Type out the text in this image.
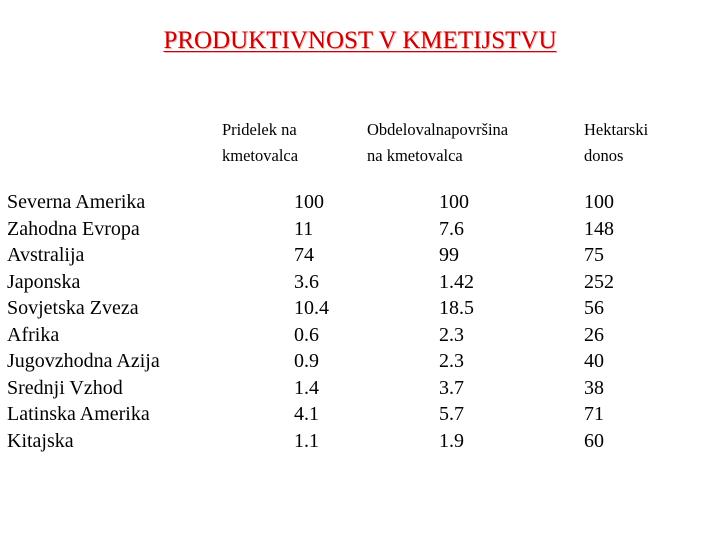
PRODUKTIVNOST V KMETIJSTVU
Pridelek na
kmetovalca
Obdelovalnapovršina
na kmetovalca
Hektarski
donos
Severna Amerika
Zahodna Evropa
Avstralija
Japonska
Sovjetska Zveza
Afrika
Jugovzhodna Azija
Srednji Vzhod
Latinska Amerika
Kitajska
100
11
74
3.6
10.4
0.6
0.9
1.4
4.1
1.1
100
7.6
99
1.42
18.5
2.3
2.3
3.7
5.7
1.9
100
148
75
252
56
26
40
38
71
60
